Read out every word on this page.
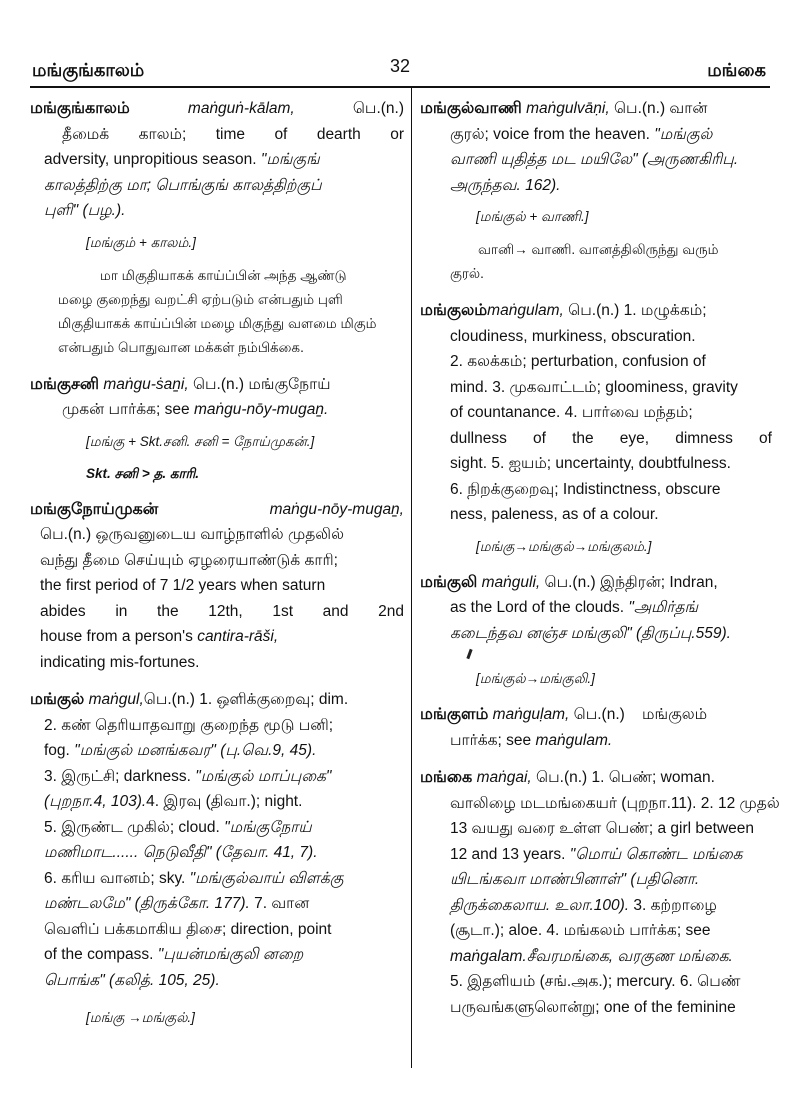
மங்குங்காலம்	32	மங்கை
மங்குங்காலம்	maṅguṅ-kālam,	பெ.(n.)
தீமைக் காலம்; time of dearth or
adversity, unpropitious season. "மங்குங்
காலத்திற்கு மா; பொங்குங் காலத்திற்குப்
புளி" (பழ.).
[மங்கும் + காலம்.]
மா மிகுதியாகக் காய்ப்பின் அந்த ஆண்டு
மழை குறைந்து வறட்சி ஏற்படும் என்பதும் புளி
மிகுதியாகக் காய்ப்பின் மழை மிகுந்து வளமை மிகும்
என்பதும் பொதுவான மக்கள் நம்பிக்கை.
மங்குசனி maṅgu-ṡaṉi, பெ.(n.) மங்குநோய்
முகன் பார்க்க; see maṅgu-nōy-mugaṉ.
[மங்கு + Skt.சனி. சனி = நோய்முகன்.]
Skt. சனி > த. காரி.
மங்குநோய்முகன்	maṅgu-nōy-mugaṉ,
பெ.(n.) ஒருவனுடைய வாழ்நாளில் முதலில்
வந்து தீமை செய்யும் ஏழரையாண்டுக் காரி;
the first period of 7 1/2 years when saturn
abides in the 12th, 1st and 2nd
house from a person's cantira-rāši,
indicating mis-fortunes.
மங்குல் maṅgul,பெ.(n.) 1. ஒளிக்குறைவு; dim.
2. கண் தெரியாதவாறு குறைந்த மூடு பனி;
fog. "மங்குல் மனங்கவர" (பு.வெ.9, 45).
3. இருட்சி; darkness. "மங்குல் மாப்புகை"
(புறநா.4, 103).4. இரவு (திவா.); night.
5. இருண்ட முகில்; cloud. "மங்குநோய்
மணிமாட...... நெடுவீதி" (தேவா. 41, 7).
6. கரிய வானம்; sky. "மங்குல்வாய் விளக்கு
மண்டலமே" (திருக்கோ. 177). 7. வான
வெளிப் பக்கமாகிய திசை; direction, point
of the compass. "புயன்மங்குலி னறை
பொங்க" (கலித். 105, 25).
[மங்கு →மங்குல்.]
மங்குல்வாணி maṅgulvāṇi, பெ.(n.) வான்
குரல்; voice from the heaven. "மங்குல்
வாணி யுதித்த மட மயிலே" (அருணகிரிபு.
அருந்தவ. 162).
[மங்குல் + வாணி.]
வானி→ வாணி. வானத்திலிருந்து வரும்
குரல்.
மங்குலம்maṅgulam, பெ.(n.) 1. மழுக்கம்;
cloudiness, murkiness, obscuration.
2. கலக்கம்; perturbation, confusion of
mind. 3. முகவாட்டம்; gloominess, gravity
of countanance. 4. பார்வை மந்தம்;
dullness of the eye, dimness of
sight. 5. ஐயம்; uncertainty, doubtfulness.
6. நிறக்குறைவு; Indistinctness, obscure
ness, paleness, as of a colour.
[மங்கு→மங்குல்→மங்குலம்.]
மங்குலி maṅguli, பெ.(n.) இந்திரன்; Indran,
as the Lord of the clouds. "அமிர்தங்
கடைந்தவ னஞ்ச மங்குலி" (திருப்பு.559).
[மங்குல்→மங்குலி.]
மங்குளம் maṅguḷam, பெ.(n.) மங்குலம்
பார்க்க; see maṅgulam.
மங்கை maṅgai, பெ.(n.) 1. பெண்; woman.
வாலிழை மடமங்கையர் (புறநா.11). 2. 12 முதல்
13 வயது வரை உள்ள பெண்; a girl between
12 and 13 years. "மொய் கொண்ட மங்கை
யிடங்கவா மாண்பினாள்" (பதினொ.
திருக்கைலாய. உலா.100). 3. கற்றாழை
(சூடா.); aloe. 4. மங்கலம் பார்க்க; see
maṅgalam.சீவரமங்கை, வரகுண மங்கை.
5. இதளியம் (சங்.அக.); mercury. 6. பெண்
பருவங்களுலொன்று; one of the feminine
